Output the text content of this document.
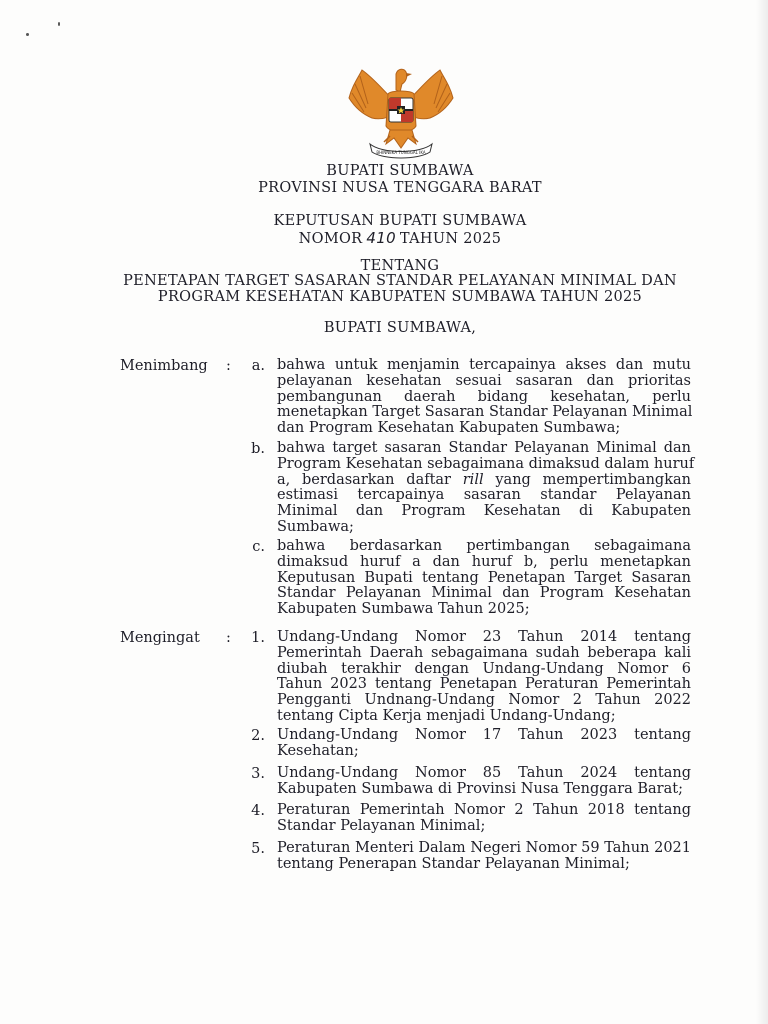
BHINNEKA TUNGGAL IKA
BUPATI SUMBAWA
PROVINSI NUSA TENGGARA BARAT
KEPUTUSAN BUPATI SUMBAWA
NOMOR 410 TAHUN 2025
TENTANG
PENETAPAN TARGET SASARAN STANDAR PELAYANAN MINIMAL DAN
PROGRAM KESEHATAN KABUPATEN SUMBAWA TAHUN 2025
BUPATI SUMBAWA,
Menimbang :	a. bahwa untuk menjamin tercapainya akses dan mutu
pelayanan kesehatan sesuai sasaran dan prioritas
pembangunan daerah bidang kesehatan, perlu
menetapkan Target Sasaran Standar Pelayanan Minimal
dan Program Kesehatan Kabupaten Sumbawa;
b. bahwa target sasaran Standar Pelayanan Minimal dan
Program Kesehatan sebagaimana dimaksud dalam huruf
a, berdasarkan daftar rill yang mempertimbangkan
estimasi tercapainya sasaran standar Pelayanan
Minimal dan Program Kesehatan di Kabupaten
Sumbawa;
c. bahwa berdasarkan pertimbangan sebagaimana
dimaksud huruf a dan huruf b, perlu menetapkan
Keputusan Bupati tentang Penetapan Target Sasaran
Standar Pelayanan Minimal dan Program Kesehatan
Kabupaten Sumbawa Tahun 2025;
Mengingat :	1. Undang-Undang Nomor 23 Tahun 2014 tentang
Pemerintah Daerah sebagaimana sudah beberapa kali
diubah terakhir dengan Undang-Undang Nomor 6
Tahun 2023 tentang Penetapan Peraturan Pemerintah
Pengganti Undnang-Undang Nomor 2 Tahun 2022
tentang Cipta Kerja menjadi Undang-Undang;
2. Undang-Undang Nomor 17 Tahun 2023 tentang
Kesehatan;
3. Undang-Undang Nomor 85 Tahun 2024 tentang
Kabupaten Sumbawa di Provinsi Nusa Tenggara Barat;
4. Peraturan Pemerintah Nomor 2 Tahun 2018 tentang
Standar Pelayanan Minimal;
5. Peraturan Menteri Dalam Negeri Nomor 59 Tahun 2021
tentang Penerapan Standar Pelayanan Minimal;
